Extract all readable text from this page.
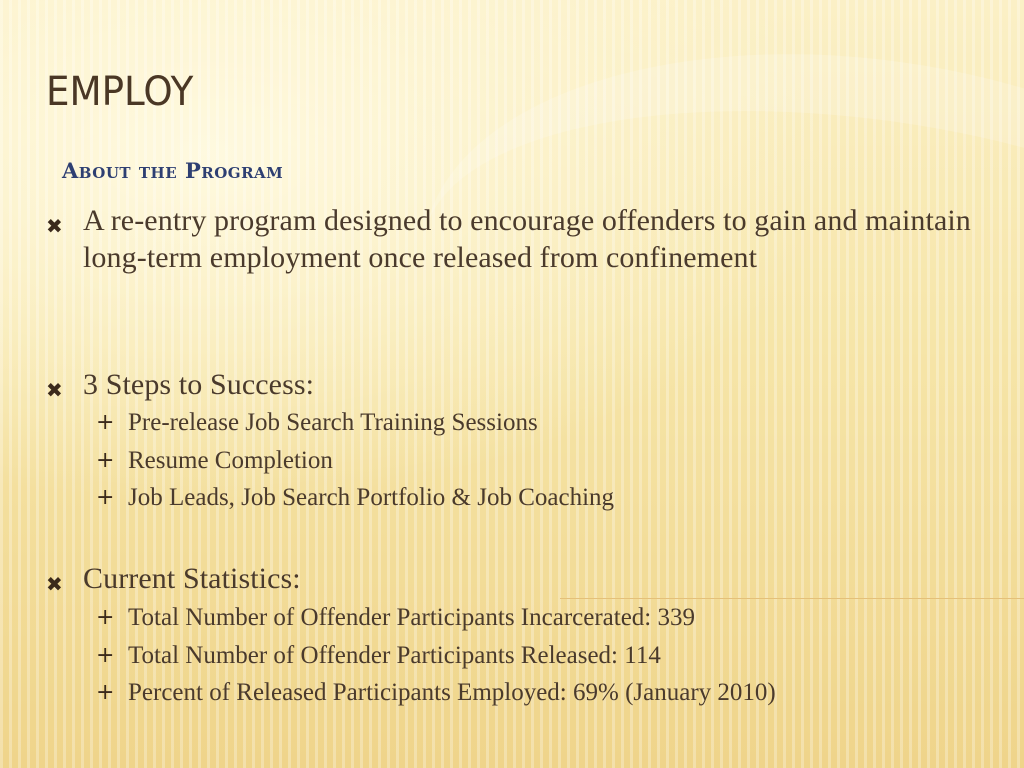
EMPLOY
About the Program
✖ A re-entry program designed to encourage offenders to gain and maintain long-term employment once released from confinement
✖ 3 Steps to Success:
+ Pre-release Job Search Training Sessions
+ Resume Completion
+ Job Leads, Job Search Portfolio & Job Coaching
✖ Current Statistics:
+ Total Number of Offender Participants Incarcerated: 339
+ Total Number of Offender Participants Released: 114
+ Percent of Released Participants Employed: 69% (January 2010)
